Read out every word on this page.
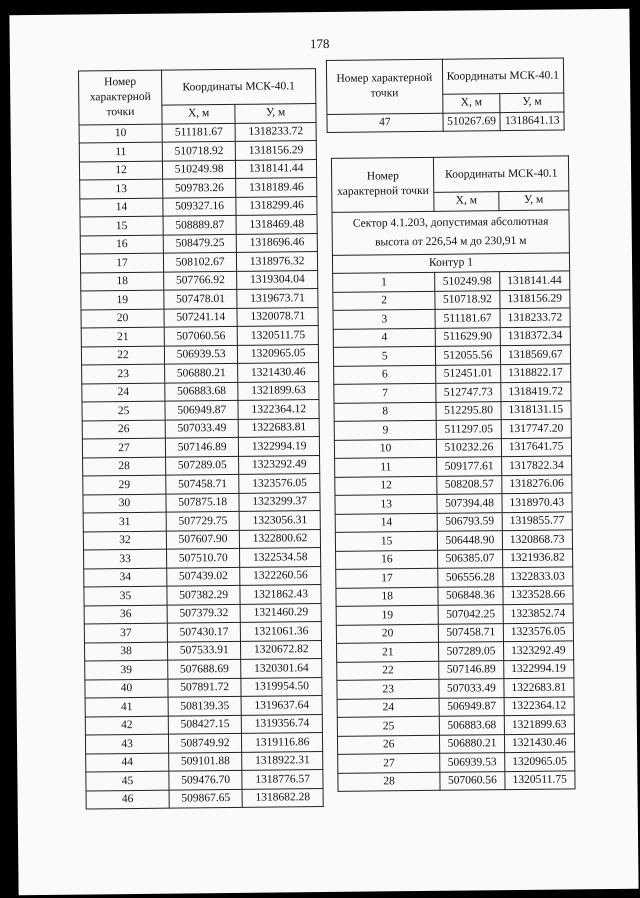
178
Номер характерной точки	Координаты МСК-40.1	
	X, м	У, м
10	511181.67	1318233.72
11	510718.92	1318156.29
12	510249.98	1318141.44
13	509783.26	1318189.46
14	509327.16	1318299.46
15	508889.87	1318469.48
16	508479.25	1318696.46
17	508102.67	1318976.32
18	507766.92	1319304.04
19	507478.01	1319673.71
20	507241.14	1320078.71
21	507060.56	1320511.75
22	506939.53	1320965.05
23	506880.21	1321430.46
24	506883.68	1321899.63
25	506949.87	1322364.12
26	507033.49	1322683.81
27	507146.89	1322994.19
28	507289.05	1323292.49
29	507458.71	1323576.05
30	507875.18	1323299.37
31	507729.75	1323056.31
32	507607.90	1322800.62
33	507510.70	1322534.58
34	507439.02	1322260.56
35	507382.29	1321862.43
36	507379.32	1321460.29
37	507430.17	1321061.36
38	507533.91	1320672.82
39	507688.69	1320301.64
40	507891.72	1319954.50
41	508139.35	1319637.64
42	508427.15	1319356.74
43	508749.92	1319116.86
44	509101.88	1318922.31
45	509476.70	1318776.57
46	509867.65	1318682.28
Номер характерной точки	Координаты МСК-40.1	
	X, м	У, м
47	510267.69	1318641.13
Номер характерной точки	Координаты МСК-40.1	
	X, м	У, м
Сектор 4.1.203, допустимая абсолютная высота от 226,54 м до 230,91 м		
Контур 1		
1	510249.98	1318141.44
2	510718.92	1318156.29
3	511181.67	1318233.72
4	511629.90	1318372.34
5	512055.56	1318569.67
6	512451.01	1318822.17
7	512747.73	1318419.72
8	512295.80	1318131.15
9	511297.05	1317747.20
10	510232.26	1317641.75
11	509177.61	1317822.34
12	508208.57	1318276.06
13	507394.48	1318970.43
14	506793.59	1319855.77
15	506448.90	1320868.73
16	506385.07	1321936.82
17	506556.28	1322833.03
18	506848.36	1323528.66
19	507042.25	1323852.74
20	507458.71	1323576.05
21	507289.05	1323292.49
22	507146.89	1322994.19
23	507033.49	1322683.81
24	506949.87	1322364.12
25	506883.68	1321899.63
26	506880.21	1321430.46
27	506939.53	1320965.05
28	507060.56	1320511.75
